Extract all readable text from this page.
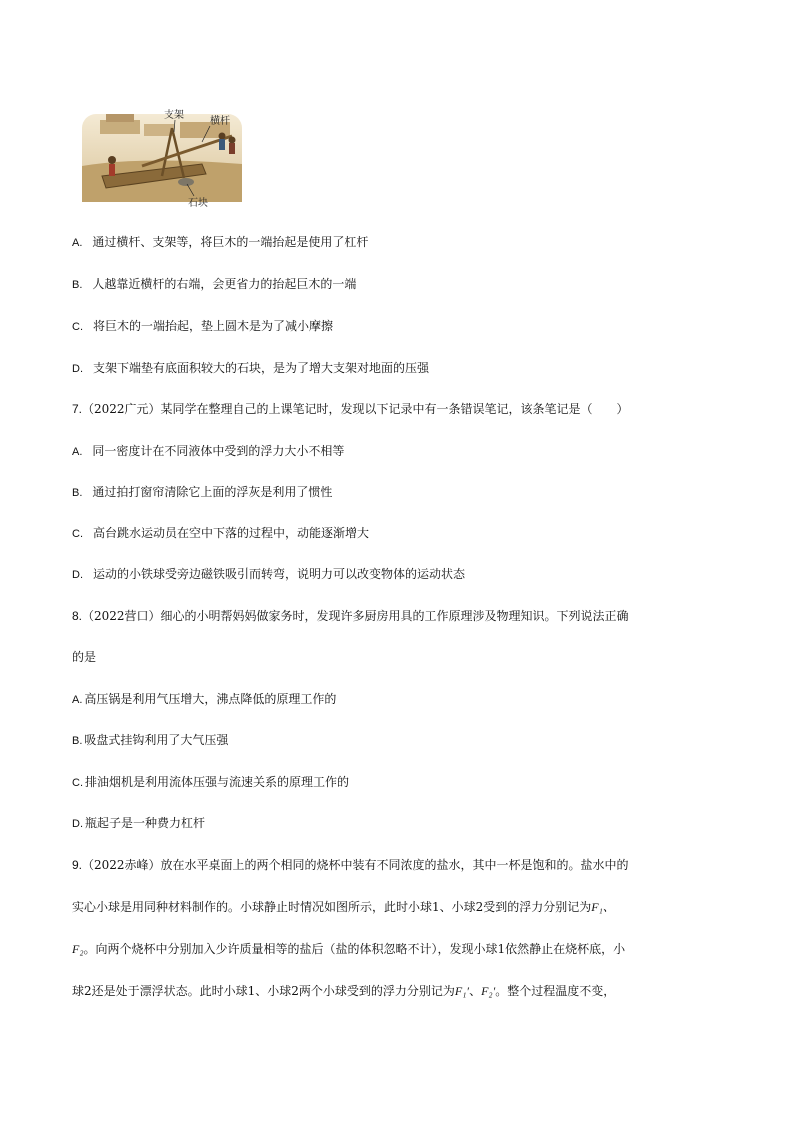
支架
横杆
石块
A. 通过横杆、支架等，将巨木的一端抬起是使用了杠杆
B. 人越靠近横杆的右端，会更省力的抬起巨木的一端
C. 将巨木的一端抬起，垫上圆木是为了减小摩擦
D. 支架下端垫有底面积较大的石块，是为了增大支架对地面的压强
7.（2022广元）某同学在整理自己的上课笔记时，发现以下记录中有一条错误笔记，该条笔记是（　　）
A. 同一密度计在不同液体中受到的浮力大小不相等
B. 通过拍打窗帘清除它上面的浮灰是利用了惯性
C. 高台跳水运动员在空中下落的过程中，动能逐渐增大
D. 运动的小铁球受旁边磁铁吸引而转弯，说明力可以改变物体的运动状态
8.（2022营口）细心的小明帮妈妈做家务时，发现许多厨房用具的工作原理涉及物理知识。下列说法正确
的是
A. 高压锅是利用气压增大，沸点降低的原理工作的
B. 吸盘式挂钩利用了大气压强
C. 排油烟机是利用流体压强与流速关系的原理工作的
D. 瓶起子是一种费力杠杆
9.（2022赤峰）放在水平桌面上的两个相同的烧杯中装有不同浓度的盐水，其中一杯是饱和的。盐水中的
实心小球是用同种材料制作的。小球静止时情况如图所示，此时小球1、小球2受到的浮力分别记为F₁、
F₂。向两个烧杯中分别加入少许质量相等的盐后（盐的体积忽略不计），发现小球1依然静止在烧杯底，小
球2还是处于漂浮状态。此时小球1、小球2两个小球受到的浮力分别记为F₁′、F₂′。整个过程温度不变，
